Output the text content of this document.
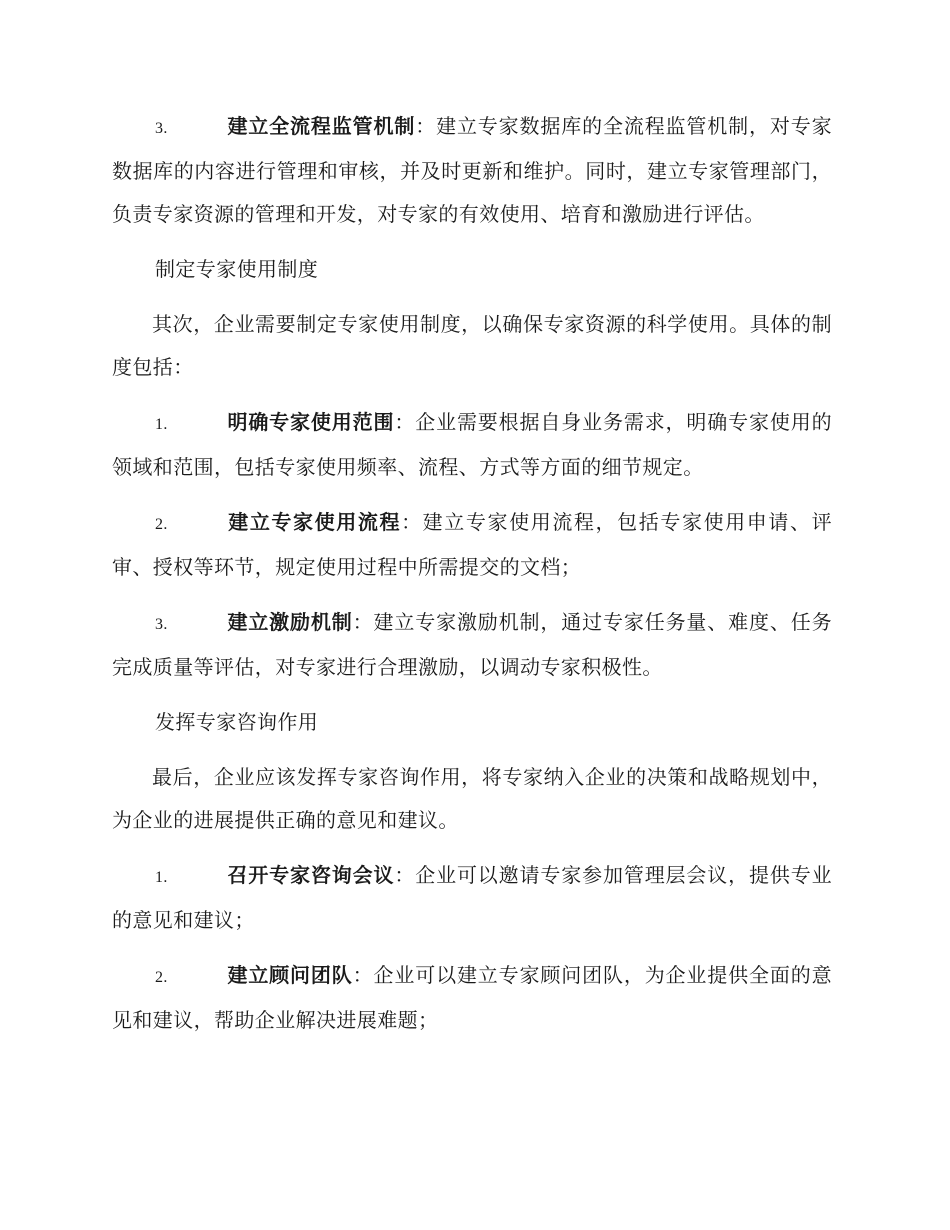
3.	建立全流程监管机制：建立专家数据库的全流程监管机制，对专家数据库的内容进行管理和审核，并及时更新和维护。同时，建立专家管理部门，负责专家资源的管理和开发，对专家的有效使用、培育和激励进行评估。

制定专家使用制度

其次，企业需要制定专家使用制度，以确保专家资源的科学使用。具体的制度包括：

1.	明确专家使用范围：企业需要根据自身业务需求，明确专家使用的领域和范围，包括专家使用频率、流程、方式等方面的细节规定。

2.	建立专家使用流程：建立专家使用流程，包括专家使用申请、评审、授权等环节，规定使用过程中所需提交的文档；

3.	建立激励机制：建立专家激励机制，通过专家任务量、难度、任务完成质量等评估，对专家进行合理激励，以调动专家积极性。

发挥专家咨询作用

最后，企业应该发挥专家咨询作用，将专家纳入企业的决策和战略规划中，为企业的进展提供正确的意见和建议。

1.	召开专家咨询会议：企业可以邀请专家参加管理层会议，提供专业的意见和建议；

2.	建立顾问团队：企业可以建立专家顾问团队，为企业提供全面的意见和建议，帮助企业解决进展难题；
